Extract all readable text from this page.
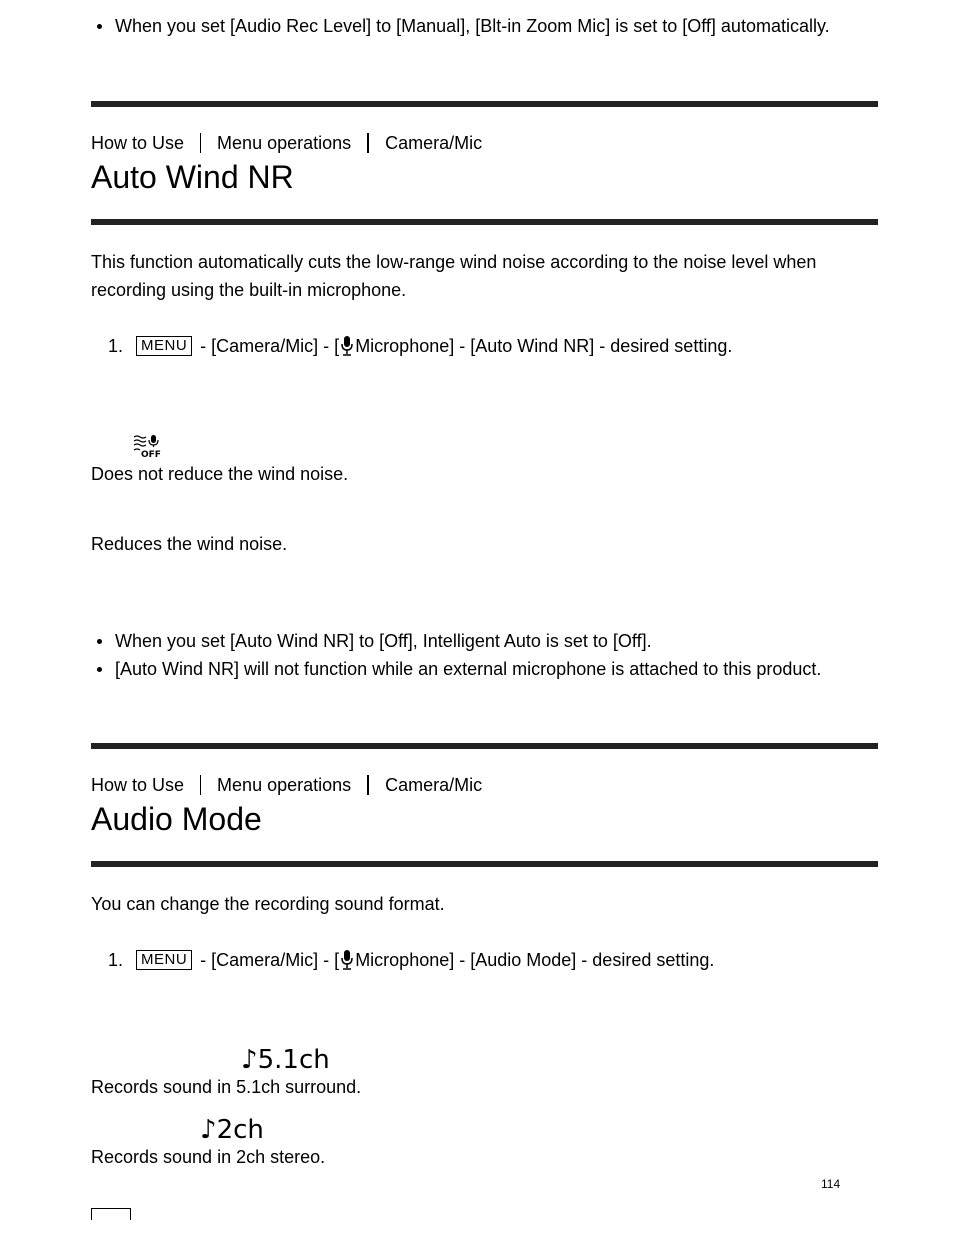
When you set [Audio Rec Level] to [Manual], [Blt-in Zoom Mic] is set to [Off] automatically.
How to Use Menu operations Camera/Mic
Auto Wind NR
This function automatically cuts the low-range wind noise according to the noise level when recording using the built-in microphone.
1.	MENU - [Camera/Mic] - [ Microphone] - [Auto Wind NR] - desired setting.
OFF
Does not reduce the wind noise.
Reduces the wind noise.
When you set [Auto Wind NR] to [Off], Intelligent Auto is set to [Off].
[Auto Wind NR] will not function while an external microphone is attached to this product.
How to Use Menu operations Camera/Mic
Audio Mode
You can change the recording sound format.
1.	MENU - [Camera/Mic] - [ Microphone] - [Audio Mode] - desired setting.
♪5.1ch
Records sound in 5.1ch surround.
♪2ch
Records sound in 2ch stereo.
114
